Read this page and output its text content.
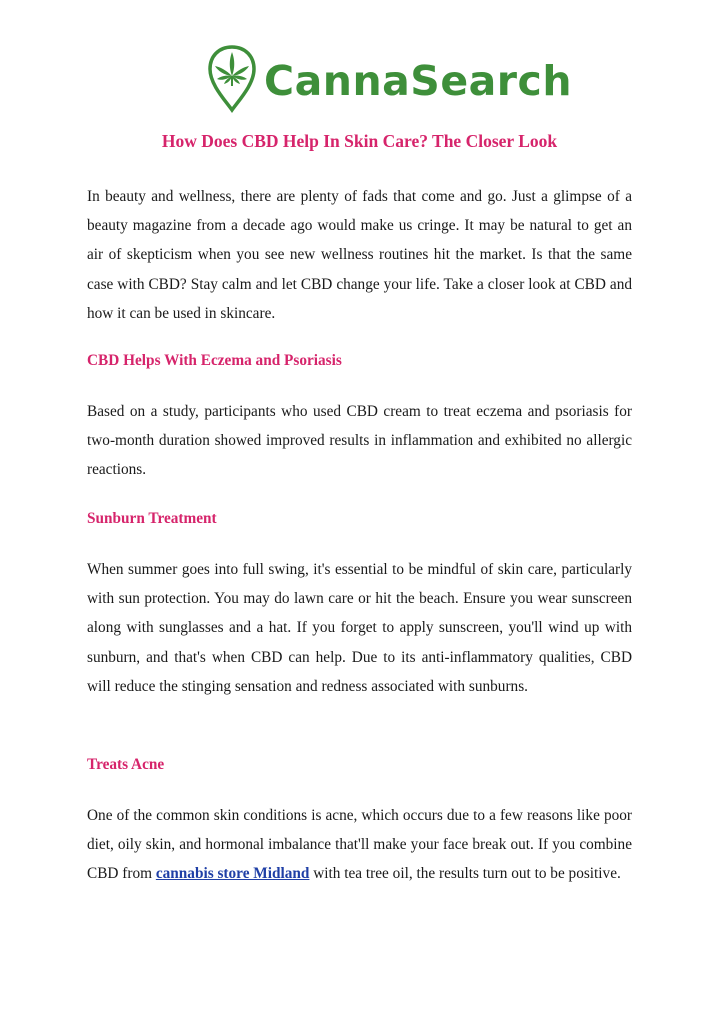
CannaSearch
How Does CBD Help In Skin Care? The Closer Look

In beauty and wellness, there are plenty of fads that come and go. Just a glimpse of a beauty magazine from a decade ago would make us cringe. It may be natural to get an air of skepticism when you see new wellness routines hit the market. Is that the same case with CBD? Stay calm and let CBD change your life. Take a closer look at CBD and how it can be used in skincare.

CBD Helps With Eczema and Psoriasis

Based on a study, participants who used CBD cream to treat eczema and psoriasis for two-month duration showed improved results in inflammation and exhibited no allergic reactions.

Sunburn Treatment

When summer goes into full swing, it's essential to be mindful of skin care, particularly with sun protection. You may do lawn care or hit the beach. Ensure you wear sunscreen along with sunglasses and a hat. If you forget to apply sunscreen, you'll wind up with sunburn, and that's when CBD can help. Due to its anti-inflammatory qualities, CBD will reduce the stinging sensation and redness associated with sunburns.

Treats Acne

One of the common skin conditions is acne, which occurs due to a few reasons like poor diet, oily skin, and hormonal imbalance that'll make your face break out. If you combine CBD from cannabis store Midland with tea tree oil, the results turn out to be positive.
